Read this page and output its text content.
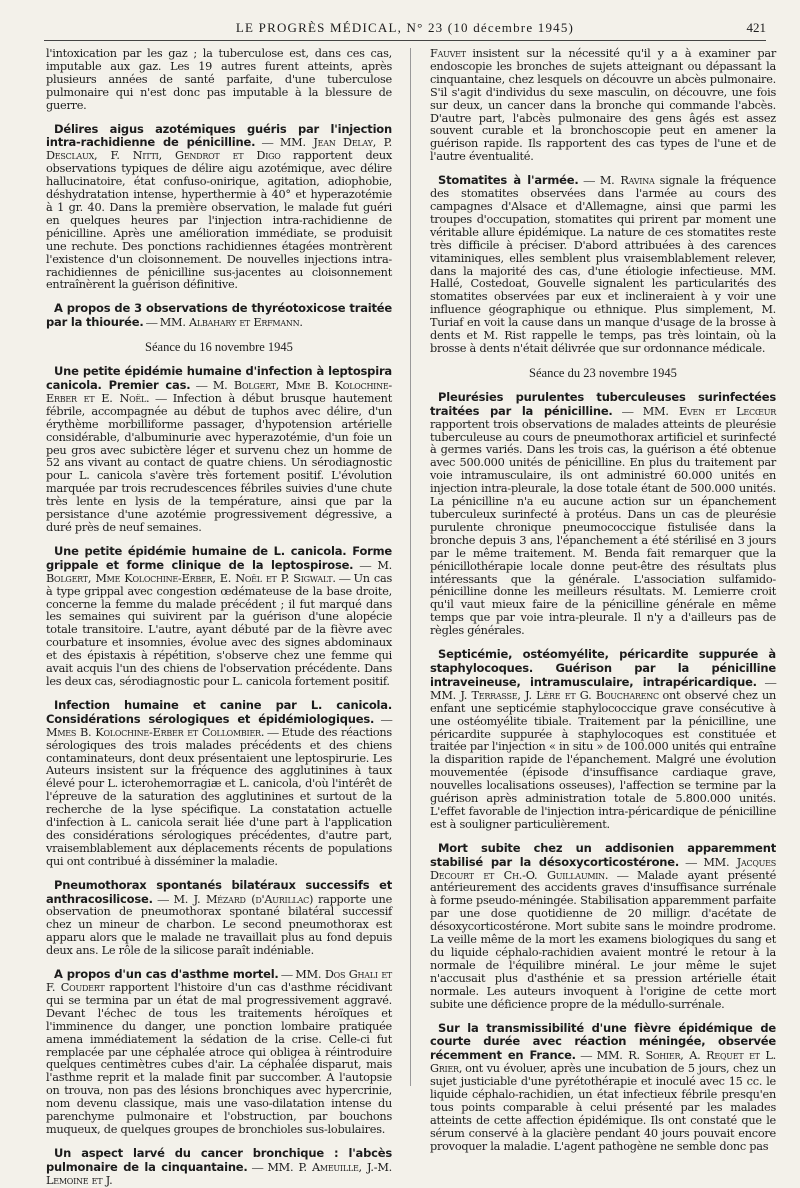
LE PROGRÈS MÉDICAL, N° 23 (10 décembre 1945)	421

l'intoxication par les gaz ; la tuberculose est, dans ces cas, imputable aux gaz. Les 19 autres furent atteints, après plusieurs années de santé parfaite, d'une tuberculose pulmonaire qui n'est donc pas imputable à la blessure de guerre.

Délires aigus azotémiques guéris par l'injection intra-rachidienne de pénicilline. — MM. Jean Delay, P. Desclaux, F. Nitti, Gendrot et Digo rapportent deux observations typiques de délire aigu azotémique, avec délire hallucinatoire, état confuso-onirique, agitation, adiophobie, déshydratation intense, hyperthermie à 40° et hyperazotémie à 1 gr. 40. Dans la première observation, le malade fut guéri en quelques heures par l'injection intra-rachidienne de pénicilline. Après une amélioration immédiate, se produisit une rechute. Des ponctions rachidiennes étagées montrèrent l'existence d'un cloisonnement. De nouvelles injections intra-rachidiennes de pénicilline sus-jacentes au cloisonnement entraînèrent la guérison définitive.

A propos de 3 observations de thyréotoxicose traitée par la thiourée. — MM. Albahary et Erfmann.

Séance du 16 novembre 1945

Une petite épidémie humaine d'infection à leptospira canicola. Premier cas. — M. Bolgert, Mme B. Kolochine-Erber et E. Noël. — Infection à début brusque hautement fébrile, accompagnée au début de tuphos avec délire, d'un érythème morbilliforme passager, d'hypotension artérielle considérable, d'albuminurie avec hyperazotémie, d'un foie un peu gros avec subictère léger et survenu chez un homme de 52 ans vivant au contact de quatre chiens. Un sérodiagnostic pour L. canicola s'avère très fortement positif. L'évolution marquée par trois recrudescences fébriles suivies d'une chute très lente en lysis de la température, ainsi que par la persistance d'une azotémie progressivement dégressive, a duré près de neuf semaines.

Une petite épidémie humaine de L. canicola. Forme grippale et forme clinique de la leptospirose. — M. Bolgert, Mme Kolochine-Erber, E. Noël et P. Sigwalt. — Un cas à type grippal avec congestion œdémateuse de la base droite, concerne la femme du malade précédent ; il fut marqué dans les semaines qui suivirent par la guérison d'une alopécie totale transitoire. L'autre, ayant débuté par de la fièvre avec courbature et insomnies, évolue avec des signes abdominaux et des épistaxis à répétition, s'observe chez une femme qui avait acquis l'un des chiens de l'observation précédente. Dans les deux cas, sérodiagnostic pour L. canicola fortement positif.

Infection humaine et canine par L. canicola. Considérations sérologiques et épidémiologiques. — Mmes B. Kolochine-Erber et Collombier. — Etude des réactions sérologiques des trois malades précédents et des chiens contaminateurs, dont deux présentaient une leptospirurie. Les Auteurs insistent sur la fréquence des agglutinines à taux élevé pour L. icterohemorragiæ et L. canicola, d'où l'intérêt de l'épreuve de la saturation des agglutinines et surtout de la recherche de la lyse spécifique. La constatation actuelle d'infection à L. canicola serait liée d'une part à l'application des considérations sérologiques précédentes, d'autre part, vraisemblablement aux déplacements récents de populations qui ont contribué à disséminer la maladie.

Pneumothorax spontanés bilatéraux successifs et anthracosilicose. — M. J. Mézard (d'Aurillac) rapporte une observation de pneumothorax spontané bilatéral successif chez un mineur de charbon. Le second pneumothorax est apparu alors que le malade ne travaillait plus au fond depuis deux ans. Le rôle de la silicose paraît indéniable.

A propos d'un cas d'asthme mortel. — MM. Dos Ghali et F. Coudert rapportent l'histoire d'un cas d'asthme récidivant qui se termina par un état de mal progressivement aggravé. Devant l'échec de tous les traitements héroïques et l'imminence du danger, une ponction lombaire pratiquée amena immédiatement la sédation de la crise. Celle-ci fut remplacée par une céphalée atroce qui obligea à réintroduire quelques centimètres cubes d'air. La céphalée disparut, mais l'asthme reprit et la malade finit par succomber. A l'autopsie on trouva, non pas des lésions bronchiques avec hypercrinie, nom devenu classique, mais une vaso-dilatation intense du parenchyme pulmonaire et l'obstruction, par bouchons muqueux, de quelques groupes de bronchioles sus-lobulaires.

Un aspect larvé du cancer bronchique : l'abcès pulmonaire de la cinquantaine. — MM. P. Ameuille, J.-M. Lemoine et J.

Fauvet insistent sur la nécessité qu'il y a à examiner par endoscopie les bronches de sujets atteignant ou dépassant la cinquantaine, chez lesquels on découvre un abcès pulmonaire. S'il s'agit d'individus du sexe masculin, on découvre, une fois sur deux, un cancer dans la bronche qui commande l'abcès. D'autre part, l'abcès pulmonaire des gens âgés est assez souvent curable et la bronchoscopie peut en amener la guérison rapide. Ils rapportent des cas types de l'une et de l'autre éventualité.

Stomatites à l'armée. — M. Ravina signale la fréquence des stomatites observées dans l'armée au cours des campagnes d'Alsace et d'Allemagne, ainsi que parmi les troupes d'occupation, stomatites qui prirent par moment une véritable allure épidémique. La nature de ces stomatites reste très difficile à préciser. D'abord attribuées à des carences vitaminiques, elles semblent plus vraisemblablement relever, dans la majorité des cas, d'une étiologie infectieuse. MM. Hallé, Costedoat, Gouvelle signalent les particularités des stomatites observées par eux et inclineraient à y voir une influence géographique ou ethnique. Plus simplement, M. Turiaf en voit la cause dans un manque d'usage de la brosse à dents et M. Rist rappelle le temps, pas très lointain, où la brosse à dents n'était délivrée que sur ordonnance médicale.

Séance du 23 novembre 1945

Pleurésies purulentes tuberculeuses surinfectées traitées par la pénicilline. — MM. Even et Lecœur rapportent trois observations de malades atteints de pleurésie tuberculeuse au cours de pneumothorax artificiel et surinfecté à germes variés. Dans les trois cas, la guérison a été obtenue avec 500.000 unités de pénicilline. En plus du traitement par voie intramusculaire, ils ont administré 60.000 unités en injection intra-pleurale, la dose totale étant de 500.000 unités. La pénicilline n'a eu aucune action sur un épanchement tuberculeux surinfecté à protéus. Dans un cas de pleurésie purulente chronique pneumococcique fistulisée dans la bronche depuis 3 ans, l'épanchement a été stérilisé en 3 jours par le même traitement. M. Benda fait remarquer que la pénicillothérapie locale donne peut-être des résultats plus intéressants que la générale. L'association sulfamido-pénicilline donne les meilleurs résultats. M. Lemierre croit qu'il vaut mieux faire de la pénicilline générale en même temps que par voie intra-pleurale. Il n'y a d'ailleurs pas de règles générales.

Septicémie, ostéomyélite, péricardite suppurée à staphylocoques. Guérison par la pénicilline intraveineuse, intramusculaire, intrapéricardique. — MM. J. Terrasse, J. Lère et G. Boucharenc ont observé chez un enfant une septicémie staphylococcique grave consécutive à une ostéomyélite tibiale. Traitement par la pénicilline, une péricardite suppurée à staphylocoques est constituée et traitée par l'injection « in situ » de 100.000 unités qui entraîne la disparition rapide de l'épanchement. Malgré une évolution mouvementée (épisode d'insuffisance cardiaque grave, nouvelles localisations osseuses), l'affection se termine par la guérison après administration totale de 5.800.000 unités. L'effet favorable de l'injection intra-péricardique de pénicilline est à souligner particulièrement.

Mort subite chez un addisonien apparemment stabilisé par la désoxycorticostérone. — MM. Jacques Decourt et Ch.-O. Guillaumin. — Malade ayant présenté antérieurement des accidents graves d'insuffisance surrénale à forme pseudo-méningée. Stabilisation apparemment parfaite par une dose quotidienne de 20 milligr. d'acétate de désoxycorticostérone. Mort subite sans le moindre prodrome. La veille même de la mort les examens biologiques du sang et du liquide céphalo-rachidien avaient montré le retour à la normale de l'équilibre minéral. Le jour même le sujet n'accusait plus d'asthénie et sa pression artérielle était normale. Les auteurs invoquent à l'origine de cette mort subite une déficience propre de la médullo-surrénale.

Sur la transmissibilité d'une fièvre épidémique de courte durée avec réaction méningée, observée récemment en France. — MM. R. Sohier, A. Requet et L. Grier, ont vu évoluer, après une incubation de 5 jours, chez un sujet justiciable d'une pyrétothérapie et inoculé avec 15 cc. le liquide céphalo-rachidien, un état infectieux fébrile presqu'en tous points comparable à celui présenté par les malades atteints de cette affection épidémique. Ils ont constaté que le sérum conservé à la glacière pendant 40 jours pouvait encore provoquer la maladie. L'agent pathogène ne semble donc pas
